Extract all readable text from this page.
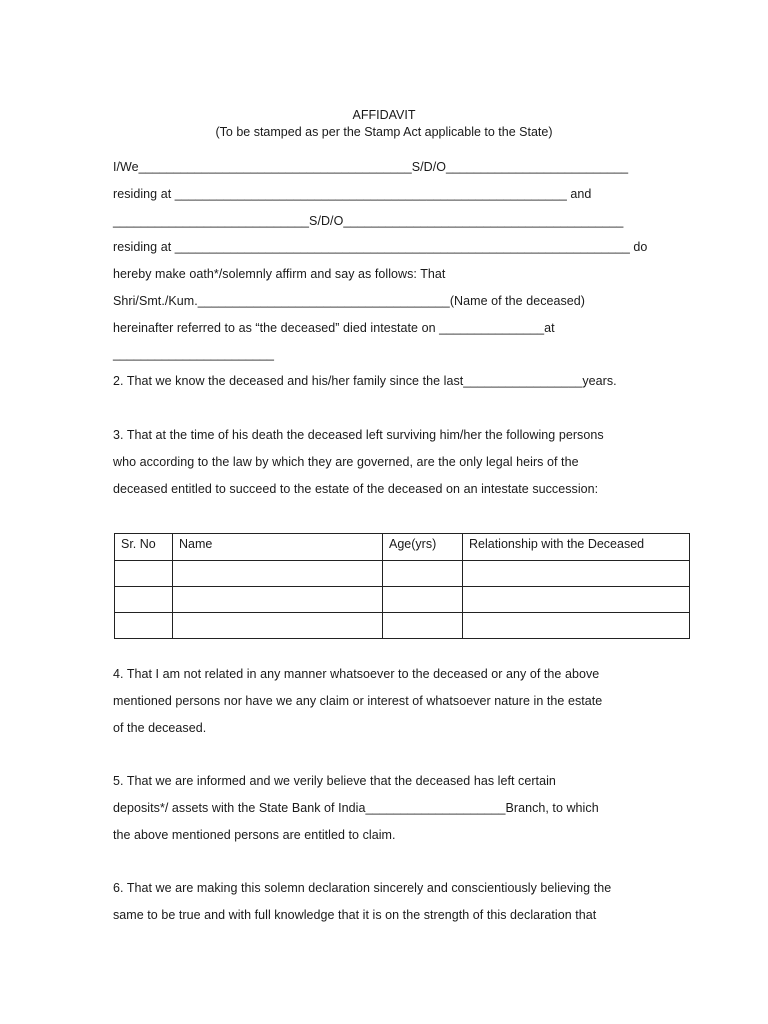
AFFIDAVIT
(To be stamped as per the Stamp Act applicable to the State)
I/We_______________________________________S/D/O__________________________
residing at ________________________________________________________ and
____________________________S/D/O________________________________________
residing at _________________________________________________________________ do
hereby make oath*/solemnly affirm and say as follows: That
Shri/Smt./Kum.____________________________________(Name of the deceased)
hereinafter referred to as “the deceased” died intestate on _______________at
_______________________
2. That we know the deceased and his/her family since the last_________________years.
3. That at the time of his death the deceased left surviving him/her the following persons
who according to the law by which they are governed, are the only legal heirs of the
deceased entitled to succeed to the estate of the deceased on an intestate succession:
Sr. No	Name	Age(yrs)	Relationship with the Deceased

4. That I am not related in any manner whatsoever to the deceased or any of the above
mentioned persons nor have we any claim or interest of whatsoever nature in the estate
of the deceased.
5. That we are informed and we verily believe that the deceased has left certain
deposits*/ assets with the State Bank of India____________________Branch, to which
the above mentioned persons are entitled to claim.
6. That we are making this solemn declaration sincerely and conscientiously believing the
same to be true and with full knowledge that it is on the strength of this declaration that
